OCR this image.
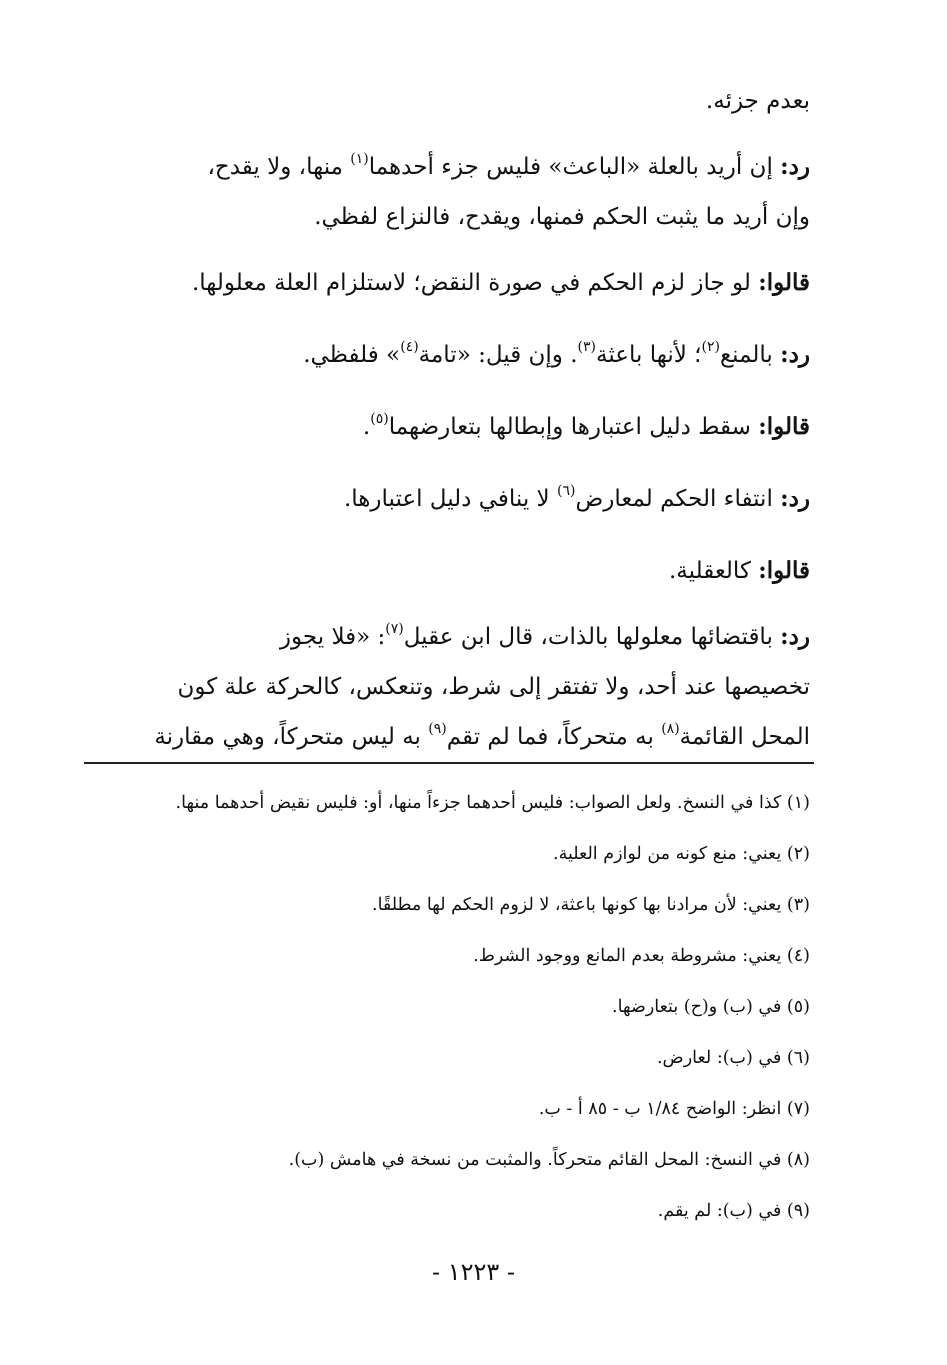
بعدم جزئه.

رد: إن أريد بالعلة «الباعث» فليس جزء أحدهما$^{(١)}$ منها، ولا يقدح،

وإن أريد ما يثبت الحكم فمنها، ويقدح، فالنزاع لفظي.

قالوا: لو جاز لزم الحكم في صورة النقض؛ لاستلزام العلة معلولها.

رد: بالمنع$^{(٢)}$؛ لأنها باعثة$^{(٣)}$. وإن قيل: «تامة$^{(٤)}$» فلفظي.

قالوا: سقط دليل اعتبارها وإبطالها بتعارضهما$^{(٥)}$.

رد: انتفاء الحكم لمعارض$^{(٦)}$ لا ينافي دليل اعتبارها.

قالوا: كالعقلية.

رد: باقتضائها معلولها بالذات، قال ابن عقيل$^{(٧)}$: «فلا يجوز

تخصيصها عند أحد، ولا تفتقر إلى شرط، وتنعكس، كالحركة علة كون

المحل القائمة$^{(٨)}$ به متحركاً، فما لم تقم$^{(٩)}$ به ليس متحركاً، وهي مقارنة

(١) كذا في النسخ. ولعل الصواب: فليس أحدهما جزءاً منها، أو: فليس نقيض أحدهما منها.
(٢) يعني: منع كونه من لوازم العلية.
(٣) يعني: لأن مرادنا بها كونها باعثة، لا لزوم الحكم لها مطلقًا.
(٤) يعني: مشروطة بعدم المانع ووجود الشرط.
(٥) في (ب) و(ح) بتعارضها.
(٦) في (ب): لعارض.
(٧) انظر: الواضح ١/٨٤ ب - ٨٥ أ - ب.
(٨) في النسخ: المحل القائم متحركاً. والمثبت من نسخة في هامش (ب).
(٩) في (ب): لم يقم.
- ١٢٢٣ -
